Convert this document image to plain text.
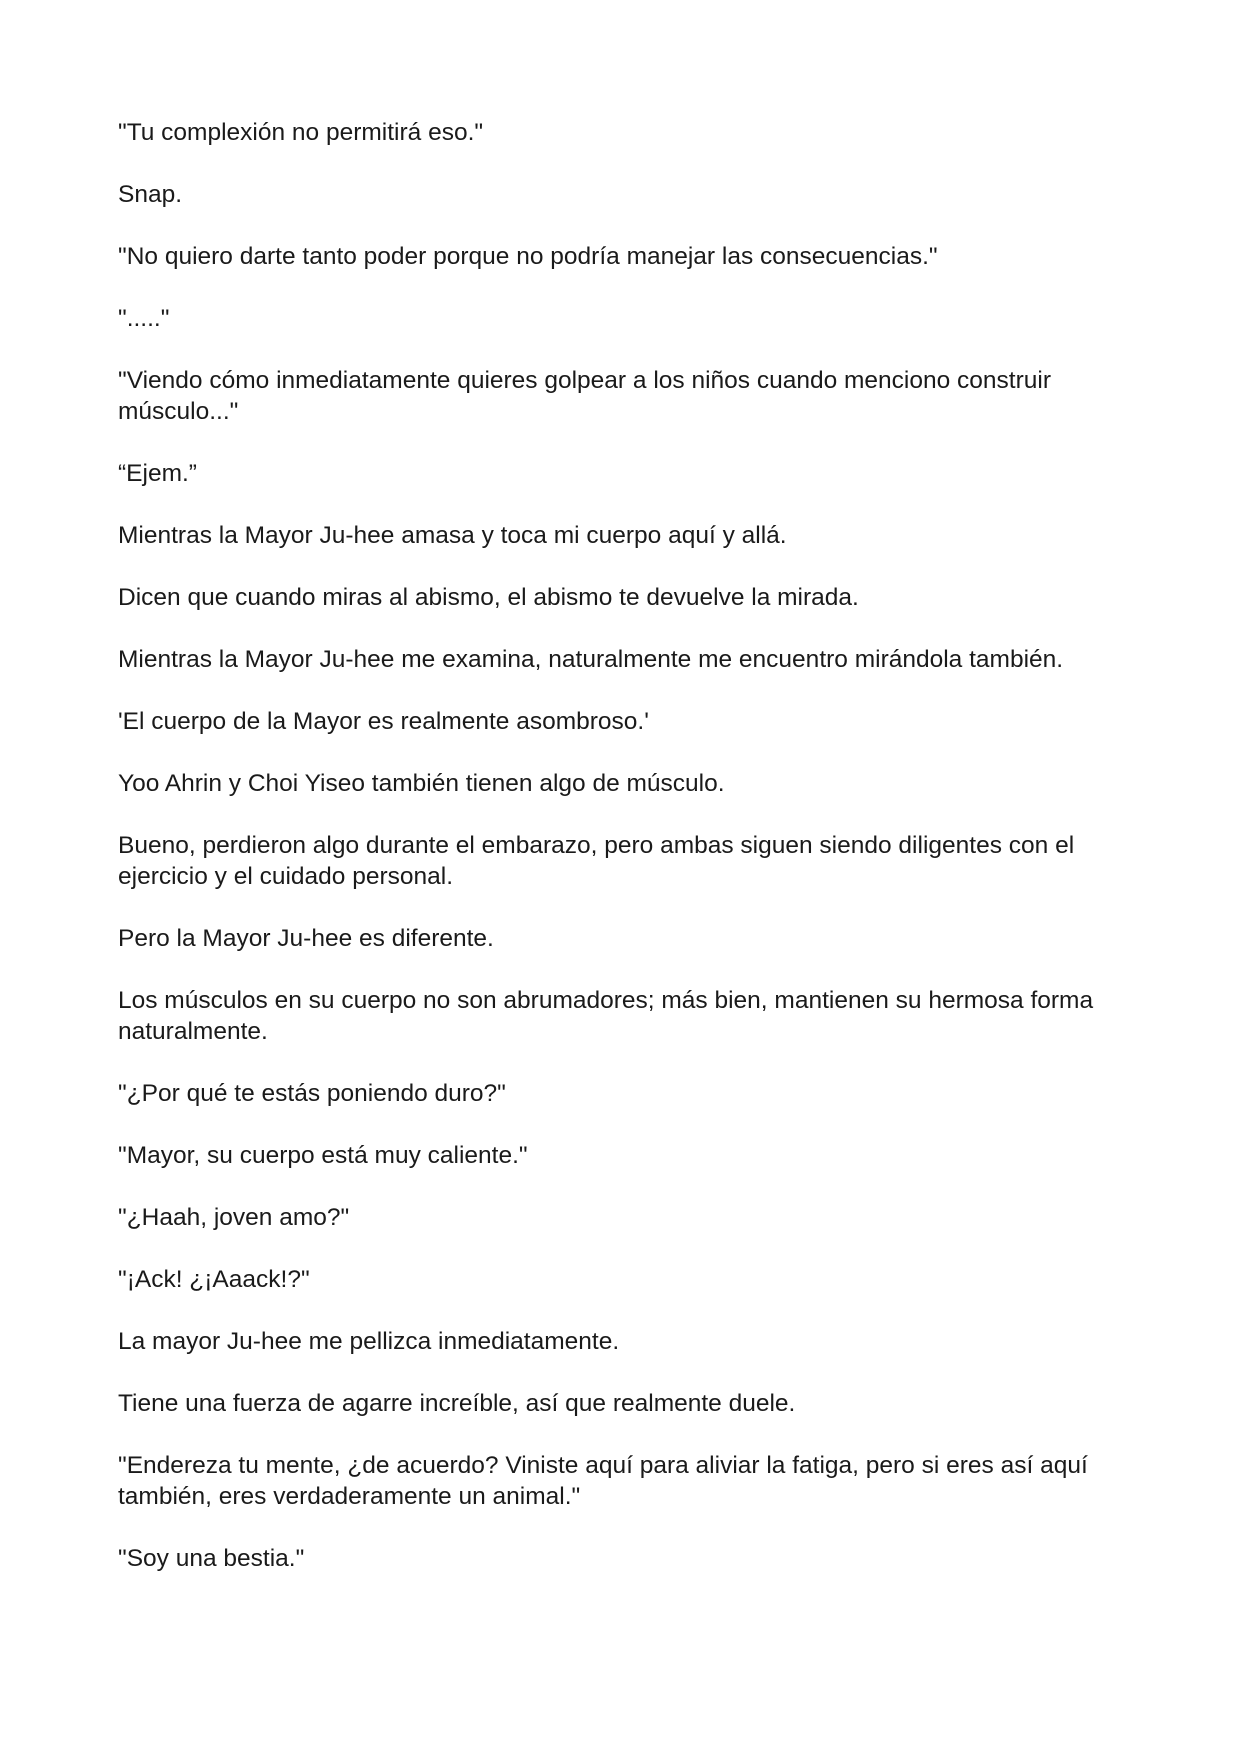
"Tu complexión no permitirá eso."

Snap.

"No quiero darte tanto poder porque no podría manejar las consecuencias."

"....."

"Viendo cómo inmediatamente quieres golpear a los niños cuando menciono construir músculo..."

“Ejem.”

Mientras la Mayor Ju-hee amasa y toca mi cuerpo aquí y allá.

Dicen que cuando miras al abismo, el abismo te devuelve la mirada.

Mientras la Mayor Ju-hee me examina, naturalmente me encuentro mirándola también.

'El cuerpo de la Mayor es realmente asombroso.'

Yoo Ahrin y Choi Yiseo también tienen algo de músculo.

Bueno, perdieron algo durante el embarazo, pero ambas siguen siendo diligentes con el ejercicio y el cuidado personal.

Pero la Mayor Ju-hee es diferente.

Los músculos en su cuerpo no son abrumadores; más bien, mantienen su hermosa forma naturalmente.

"¿Por qué te estás poniendo duro?"

"Mayor, su cuerpo está muy caliente."

"¿Haah, joven amo?"

"¡Ack! ¿¡Aaack!?"

La mayor Ju-hee me pellizca inmediatamente.

Tiene una fuerza de agarre increíble, así que realmente duele.

"Endereza tu mente, ¿de acuerdo? Viniste aquí para aliviar la fatiga, pero si eres así aquí también, eres verdaderamente un animal."

"Soy una bestia."
